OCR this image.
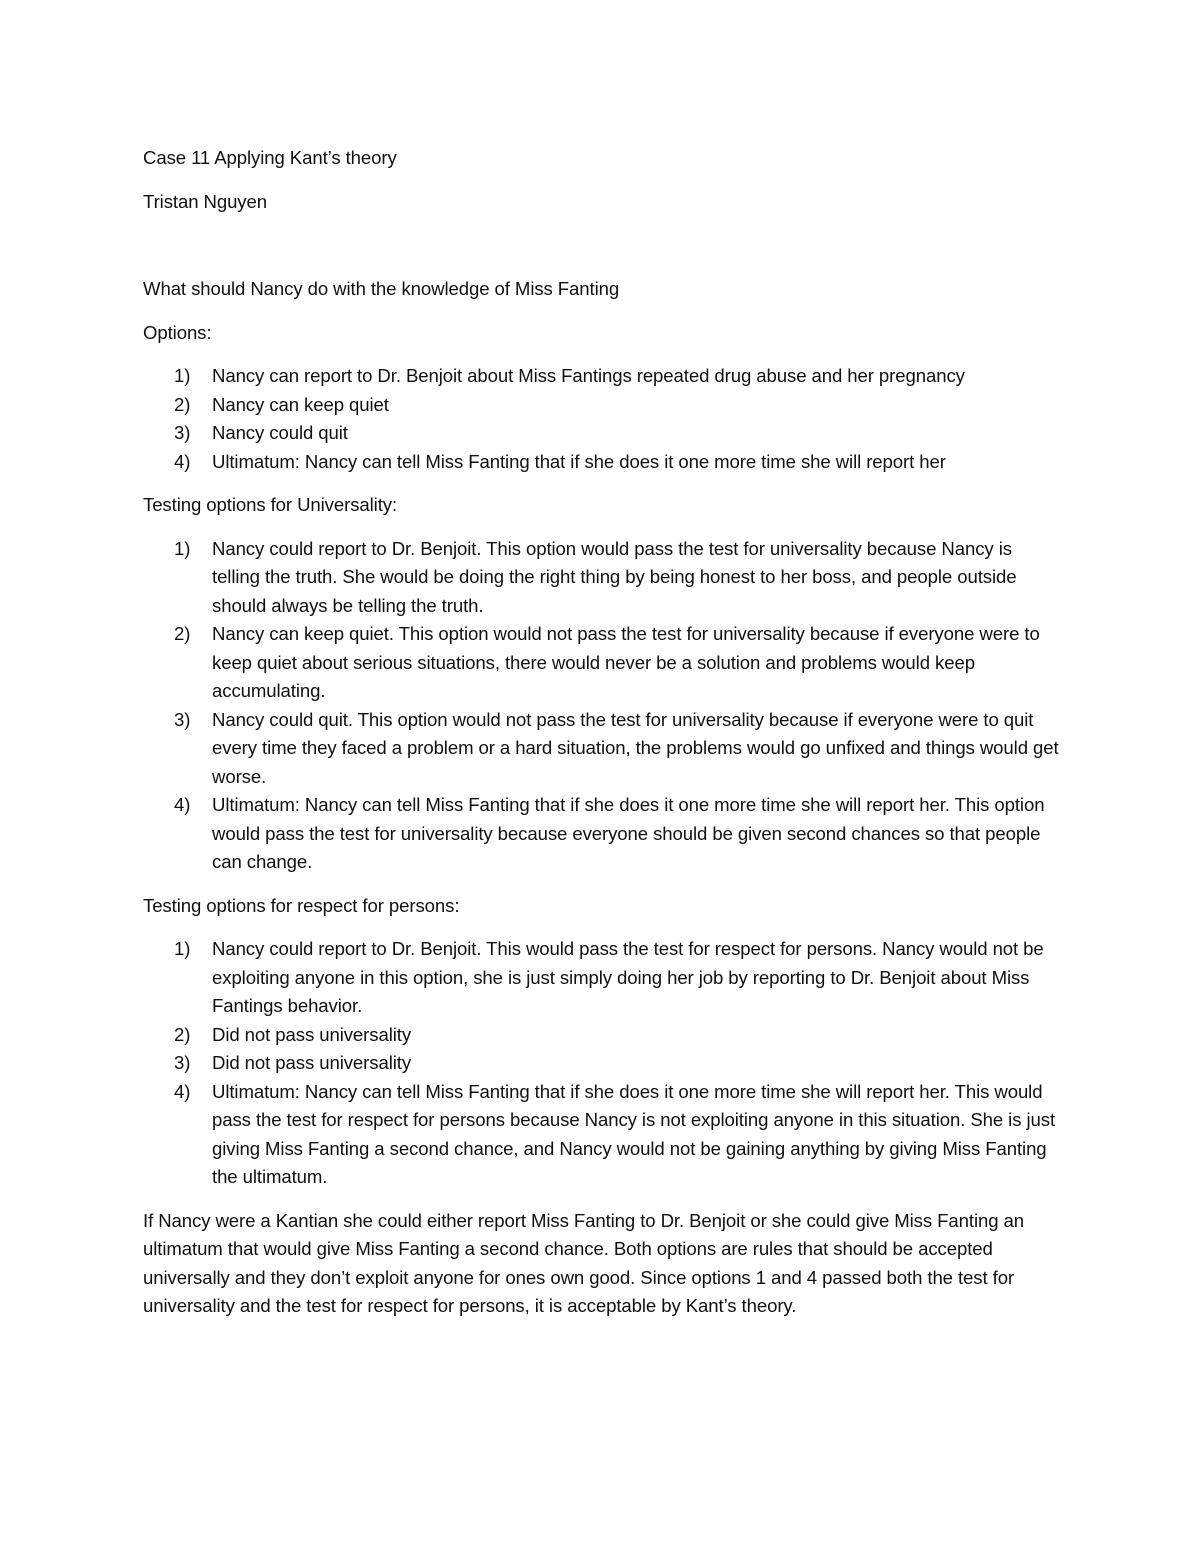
Case 11 Applying Kant’s theory

Tristan Nguyen

What should Nancy do with the knowledge of Miss Fanting

Options:

1) Nancy can report to Dr. Benjoit about Miss Fantings repeated drug abuse and her pregnancy
2) Nancy can keep quiet
3) Nancy could quit
4) Ultimatum: Nancy can tell Miss Fanting that if she does it one more time she will report her

Testing options for Universality:

1) Nancy could report to Dr. Benjoit. This option would pass the test for universality because Nancy is telling the truth. She would be doing the right thing by being honest to her boss, and people outside should always be telling the truth.
2) Nancy can keep quiet. This option would not pass the test for universality because if everyone were to keep quiet about serious situations, there would never be a solution and problems would keep accumulating.
3) Nancy could quit. This option would not pass the test for universality because if everyone were to quit every time they faced a problem or a hard situation, the problems would go unfixed and things would get worse.
4) Ultimatum: Nancy can tell Miss Fanting that if she does it one more time she will report her. This option would pass the test for universality because everyone should be given second chances so that people can change.

Testing options for respect for persons:

1) Nancy could report to Dr. Benjoit. This would pass the test for respect for persons. Nancy would not be exploiting anyone in this option, she is just simply doing her job by reporting to Dr. Benjoit about Miss Fantings behavior.
2) Did not pass universality
3) Did not pass universality
4) Ultimatum: Nancy can tell Miss Fanting that if she does it one more time she will report her. This would pass the test for respect for persons because Nancy is not exploiting anyone in this situation. She is just giving Miss Fanting a second chance, and Nancy would not be gaining anything by giving Miss Fanting the ultimatum.

If Nancy were a Kantian she could either report Miss Fanting to Dr. Benjoit or she could give Miss Fanting an ultimatum that would give Miss Fanting a second chance. Both options are rules that should be accepted universally and they don’t exploit anyone for ones own good. Since options 1 and 4 passed both the test for universality and the test for respect for persons, it is acceptable by Kant’s theory.
